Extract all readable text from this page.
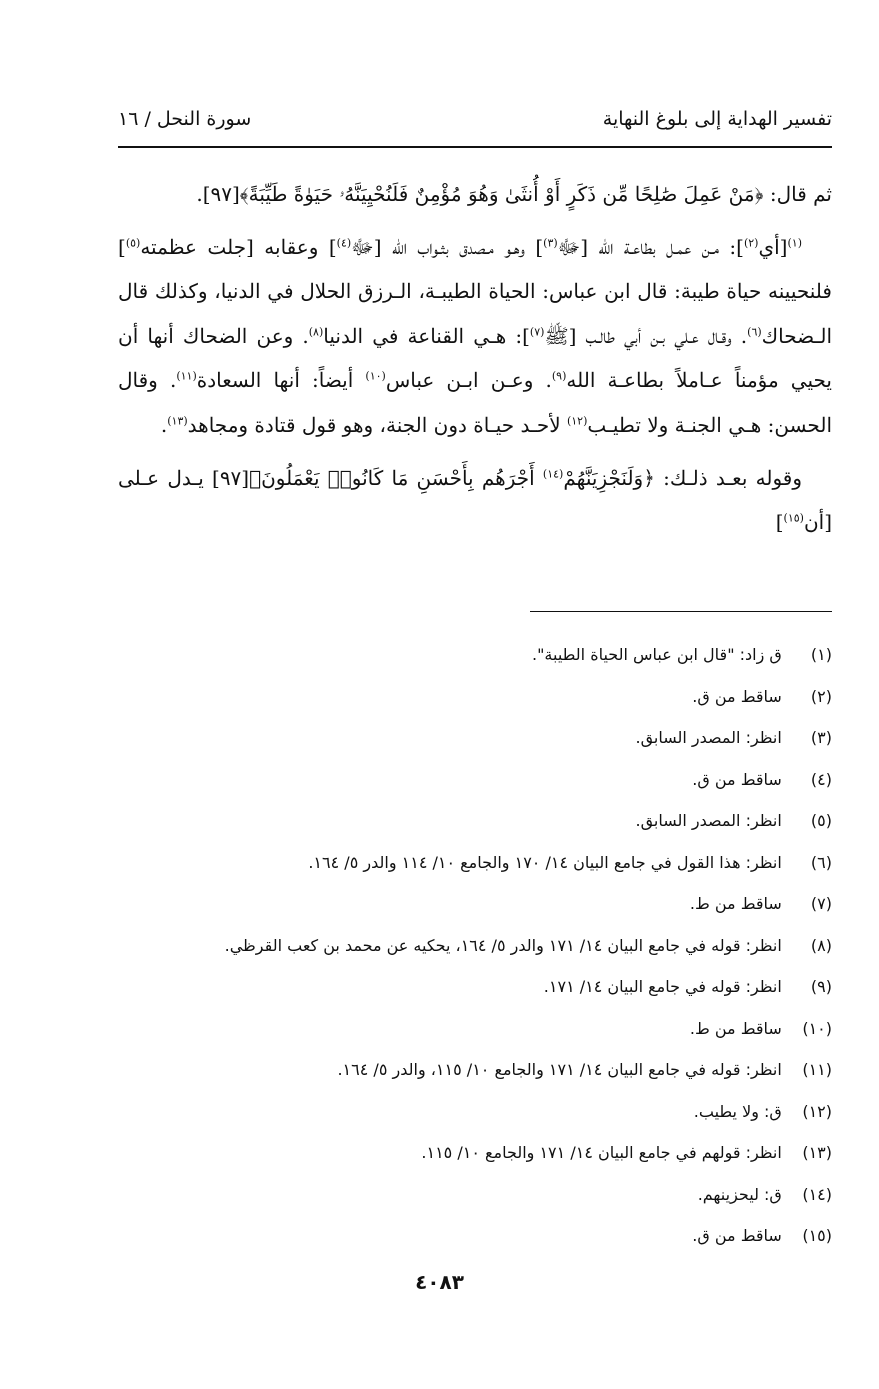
سورة النحل / ١٦	تفسير الهداية إلى بلوغ النهاية

ثم قال: ﴿مَنْ عَمِلَ صَٰلِحًا مِّن ذَكَرٍ أَوْ أُنثَىٰ وَهُوَ مُؤْمِنٌ فَلَنُحْيِيَنَّهُۥ حَيَوٰةً طَيِّبَةً﴾[٩٧].

$^{(١)}$[أي$^{(٢)}$]: مـن عمـل بطاعـة الله [ﷻ$^{(٣)}$] وهـو مـصدق بثـواب الله [ﷻ$^{(٤)}$] وعقابه [جلت عظمته$^{(٥)}$] فلنحيينه حياة طيبة: قال ابن عباس: الحياة الطيبـة، الـرزق الحلال في الدنيا، وكذلك قال الـضحاك$^{(٦)}$. وقـال عـلي بـن أبي طالـب [ﷺ$^{(٧)}$]: هـي القناعة في الدنيا$^{(٨)}$. وعن الضحاك أنها أن يحيي مؤمناً عـاملاً بطاعـة الله$^{(٩)}$. وعـن ابـن عباس$^{(١٠)}$ أيضاً: أنها السعادة$^{(١١)}$. وقال الحسن: هـي الجنـة ولا تطيـب$^{(١٢)}$ لأحـد حيـاة دون الجنة، وهو قول قتادة ومجاهد$^{(١٣)}$.

وقوله بعـد ذلـك: ﴿وَلَنَجْزِيَنَّهُمْ$^{(١٤)}$ أَجْرَهُم بِأَحْسَنِ مَا كَانُوا۟ يَعْمَلُونَ﴾[٩٧] يـدل عـلى [أن$^{(١٥)}$]

(١)
ق زاد: "قال ابن عباس الحياة الطيبة".
(٢)
ساقط من ق.
(٣)
انظر: المصدر السابق.
(٤)
ساقط من ق.
(٥)
انظر: المصدر السابق.
(٦)
انظر: هذا القول في جامع البيان ١٤/ ١٧٠ والجامع ١٠/ ١١٤ والدر ٥/ ١٦٤.
(٧)
ساقط من ط.
(٨)
انظر: قوله في جامع البيان ١٤/ ١٧١ والدر ٥/ ١٦٤، يحكيه عن محمد بن كعب القرظي.
(٩)
انظر: قوله في جامع البيان ١٤/ ١٧١.
(١٠)
ساقط من ط.
(١١)
انظر: قوله في جامع البيان ١٤/ ١٧١ والجامع ١٠/ ١١٥، والدر ٥/ ١٦٤.
(١٢)
ق: ولا يطيب.
(١٣)
انظر: قولهم في جامع البيان ١٤/ ١٧١ والجامع ١٠/ ١١٥.
(١٤)
ق: ليحزينهم.
(١٥)
ساقط من ق.
٤٠٨٣
